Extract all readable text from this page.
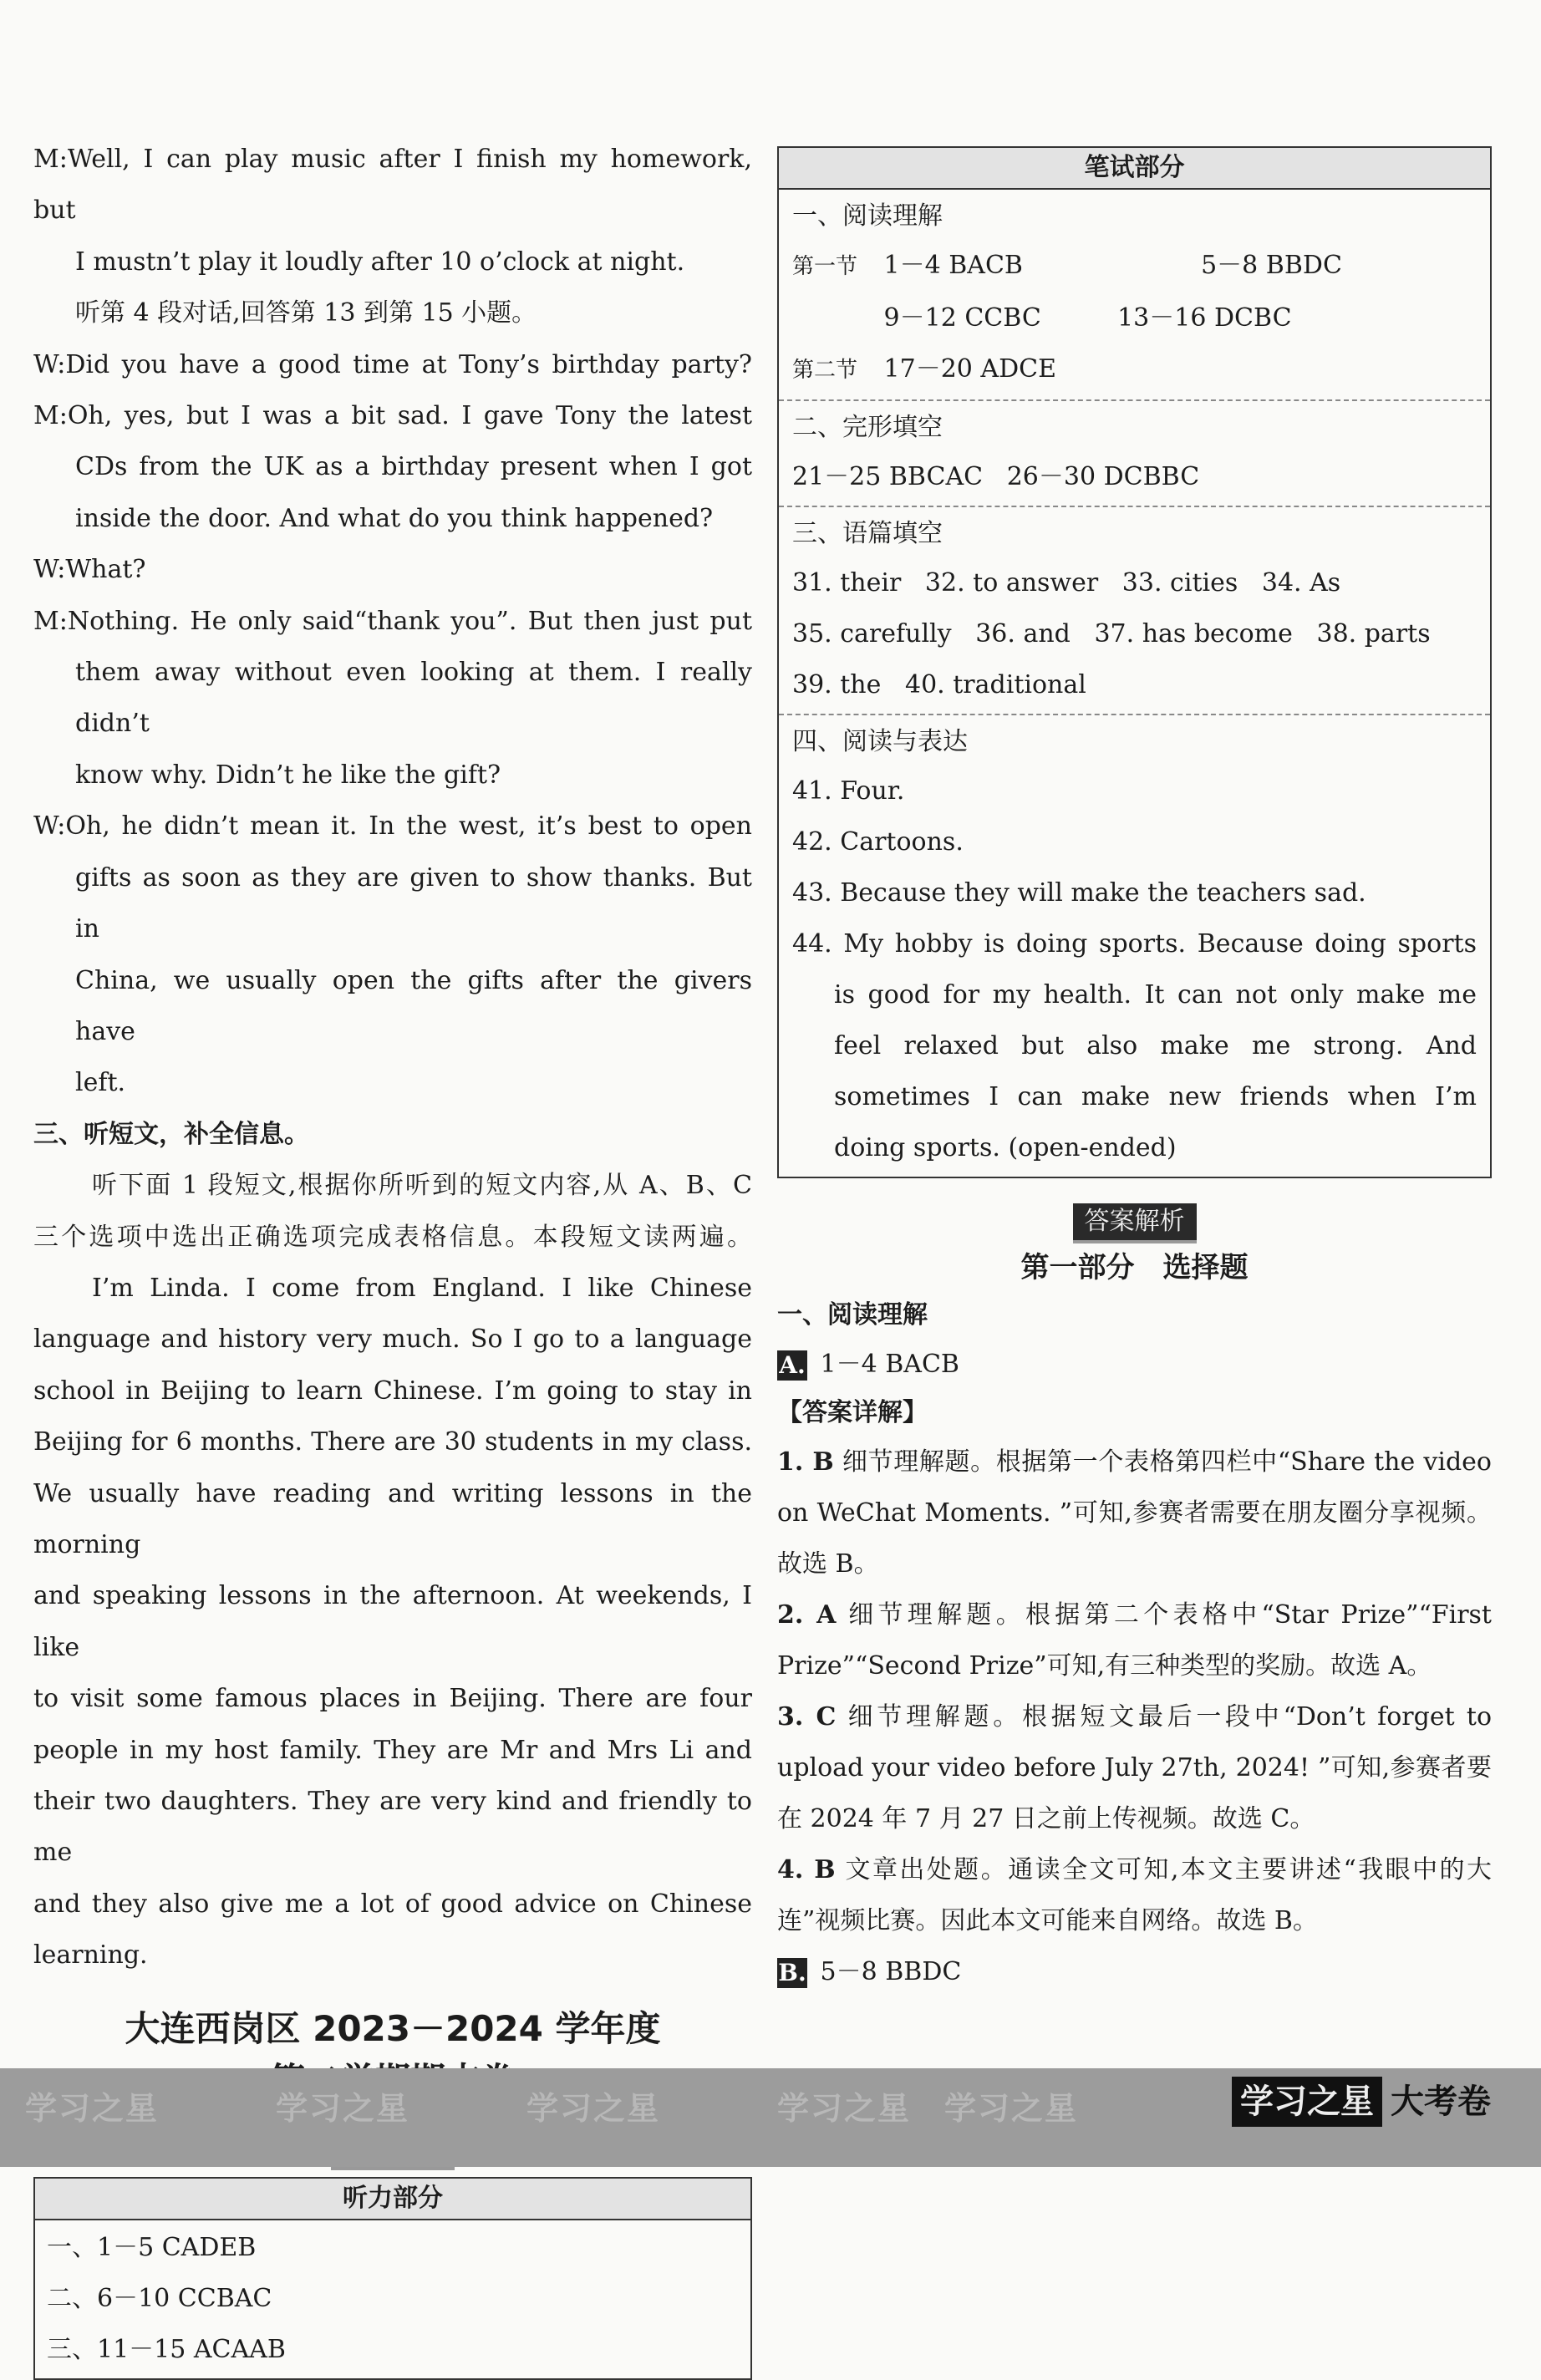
M:Well, I can play music after I finish my homework, but
I mustn’t play it loudly after 10 o’clock at night.
听第 4 段对话,回答第 13 到第 15 小题。
W:Did you have a good time at Tony’s birthday party?
M:Oh, yes, but I was a bit sad. I gave Tony the latest
CDs from the UK as a birthday present when I got
inside the door. And what do you think happened?
W:What?
M:Nothing. He only said“thank you”. But then just put
them away without even looking at them. I really didn’t
know why. Didn’t he like the gift?
W:Oh, he didn’t mean it. In the west, it’s best to open
gifts as soon as they are given to show thanks. But in
China, we usually open the gifts after the givers have
left.
三、听短文，补全信息。
听下面 1 段短文,根据你所听到的短文内容,从 A、B、C
三个选项中选出正确选项完成表格信息。本段短文读两遍。
I’m Linda. I come from England. I like Chinese
language and history very much. So I go to a language
school in Beijing to learn Chinese. I’m going to stay in
Beijing for 6 months. There are 30 students in my class.
We usually have reading and writing lessons in the morning
and speaking lessons in the afternoon. At weekends, I like
to visit some famous places in Beijing. There are four
people in my host family. They are Mr and Mrs Li and
their two daughters. They are very kind and friendly to me
and they also give me a lot of good advice on Chinese
learning.
大连西岗区 2023－2024 学年度
听力部分
一、1－5 CADEB
二、6－10 CCBAC
三、11－15 ACAAB
笔试部分
一、阅读理解
第一节 1－4 BACB	5－8 BBDC
9－12 CCBC	13－16 DCBC
第二节 17－20 ADCE
二、完形填空
21－25 BBCAC   26－30 DCBBC
三、语篇填空
31. their   32. to answer   33. cities   34. As
35. carefully   36. and   37. has become   38. parts
39. the   40. traditional
四、阅读与表达
41. Four.
42. Cartoons.
43. Because they will make the teachers sad.
44. My hobby is doing sports. Because doing sports is good for my health. It can not only make me feel relaxed but also make me strong. And sometimes I can make new friends when I’m doing sports. (open-ended)
答案解析
第一部分　选择题
一、阅读理解
A. 1－4 BACB
【答案详解】
1. B 细节理解题。根据第一个表格第四栏中“Share the video on WeChat Moments. ”可知,参赛者需要在朋友圈分享视频。故选 B。
2. A 细节理解题。根据第二个表格中“Star Prize”“First Prize”“Second Prize”可知,有三种类型的奖励。故选 A。
3. C 细节理解题。根据短文最后一段中“Don’t forget to upload your video before July 27th, 2024! ”可知,参赛者要在 2024 年 7 月 27 日之前上传视频。故选 C。
4. B 文章出处题。通读全文可知,本文主要讲述“我眼中的大连”视频比赛。因此本文可能来自网络。故选 B。
B. 5－8 BBDC
学习之星	学习之星	学习之星	学习之星 学习之星	学习之星 大考卷
